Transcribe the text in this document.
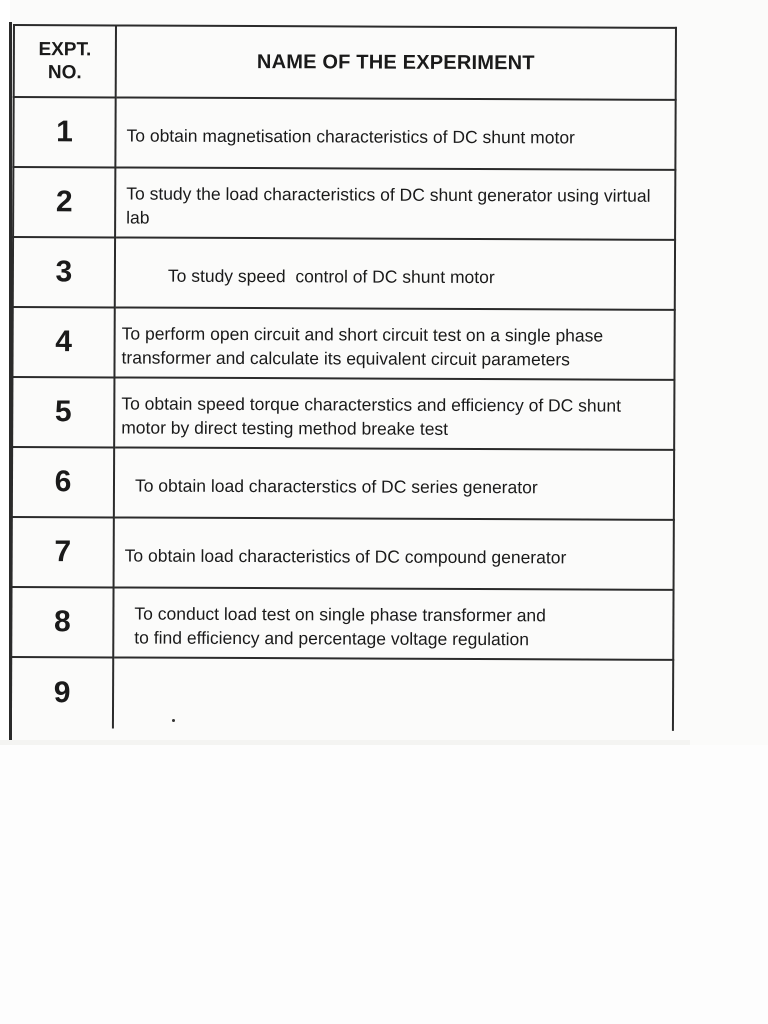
EXPT.
NO.	NAME OF THE EXPERIMENT
1	To obtain magnetisation characteristics of DC shunt motor
2	To study the load characteristics of DC shunt generator using virtual lab
3	To study speed  control of DC shunt motor
4	To perform open circuit and short circuit test on a single phase transformer and calculate its equivalent circuit parameters
5	To obtain speed torque characterstics and efficiency of DC shunt motor by direct testing method breake test
6	To obtain load characterstics of DC series generator
7	To obtain load characteristics of DC compound generator
8	To conduct load test on single phase transformer and
to find efficiency and percentage voltage regulation
9	
